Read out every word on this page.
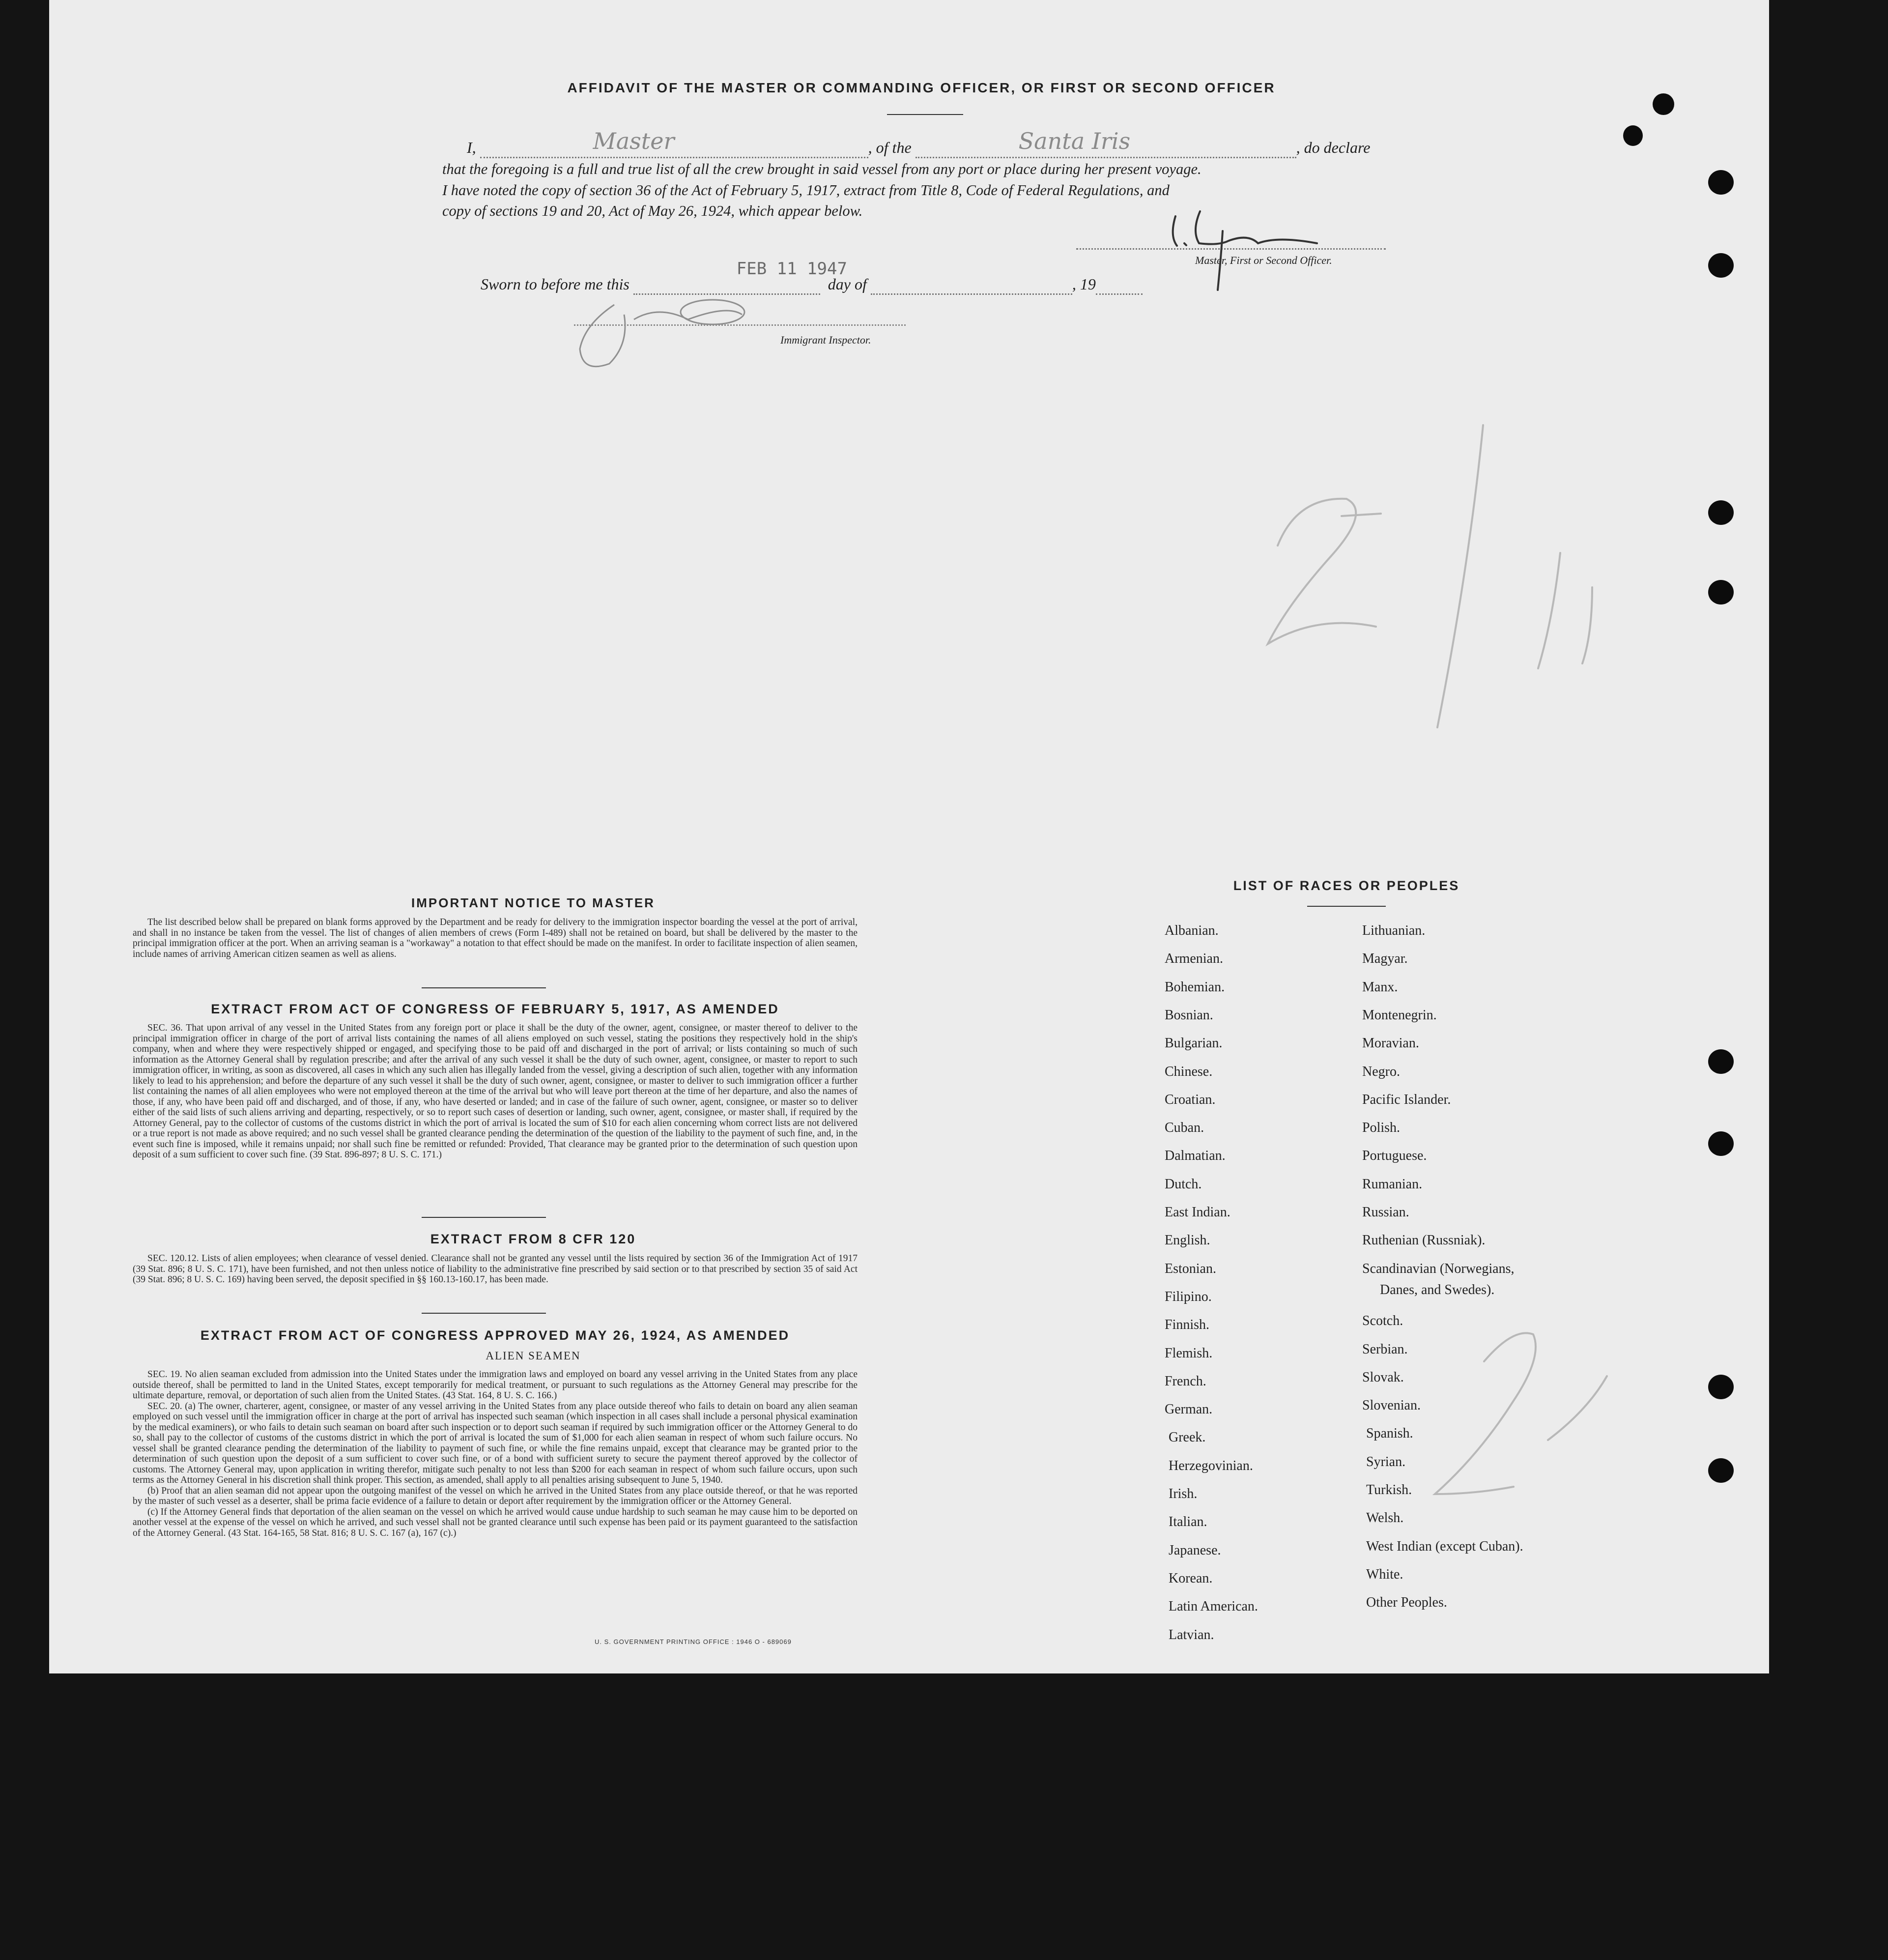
AFFIDAVIT OF THE MASTER OR COMMANDING OFFICER, OR FIRST OR SECOND OFFICER
I,	Master	, of the	Santa Iris	, do declare
that the foregoing is a full and true list of all the crew brought in said vessel from any port or place during her present voyage.
I have noted the copy of section 36 of the Act of February 5, 1917, extract from Title 8, Code of Federal Regulations, and
copy of sections 19 and 20, Act of May 26, 1924, which appear below.
Master, First or Second Officer.
Sworn to before me this
FEB 11 1947
day of	, 19
Immigrant Inspector.
IMPORTANT NOTICE TO MASTER

The list described below shall be prepared on blank forms approved by the Department and be ready for delivery to the immigration inspector boarding the vessel at the port of arrival, and shall in no instance be taken from the vessel. The list of changes of alien members of crews (Form I-489) shall not be retained on board, but shall be delivered by the master to the principal immigration officer at the port. When an arriving seaman is a "workaway" a notation to that effect should be made on the manifest. In order to facilitate inspection of alien seamen, include names of arriving American citizen seamen as well as aliens.

EXTRACT FROM ACT OF CONGRESS OF FEBRUARY 5, 1917, AS AMENDED

SEC. 36. That upon arrival of any vessel in the United States from any foreign port or place it shall be the duty of the owner, agent, consignee, or master thereof to deliver to the principal immigration officer in charge of the port of arrival lists containing the names of all aliens employed on such vessel, stating the positions they respectively hold in the ship's company, when and where they were respectively shipped or engaged, and specifying those to be paid off and discharged in the port of arrival; or lists containing so much of such information as the Attorney General shall by regulation prescribe; and after the arrival of any such vessel it shall be the duty of such owner, agent, consignee, or master to report to such immigration officer, in writing, as soon as discovered, all cases in which any such alien has illegally landed from the vessel, giving a description of such alien, together with any information likely to lead to his apprehension; and before the departure of any such vessel it shall be the duty of such owner, agent, consignee, or master to deliver to such immigration officer a further list containing the names of all alien employees who were not employed thereon at the time of the arrival but who will leave port thereon at the time of her departure, and also the names of those, if any, who have been paid off and discharged, and of those, if any, who have deserted or landed; and in case of the failure of such owner, agent, consignee, or master so to deliver either of the said lists of such aliens arriving and departing, respectively, or so to report such cases of desertion or landing, such owner, agent, consignee, or master shall, if required by the Attorney General, pay to the collector of customs of the customs district in which the port of arrival is located the sum of $10 for each alien concerning whom correct lists are not delivered or a true report is not made as above required; and no such vessel shall be granted clearance pending the determination of the question of the liability to the payment of such fine, and, in the event such fine is imposed, while it remains unpaid; nor shall such fine be remitted or refunded: Provided, That clearance may be granted prior to the determination of such question upon deposit of a sum sufficient to cover such fine. (39 Stat. 896-897; 8 U. S. C. 171.)

EXTRACT FROM 8 CFR 120

SEC. 120.12. Lists of alien employees; when clearance of vessel denied. Clearance shall not be granted any vessel until the lists required by section 36 of the Immigration Act of 1917 (39 Stat. 896; 8 U. S. C. 171), have been furnished, and not then unless notice of liability to the administrative fine prescribed by said section or to that prescribed by section 35 of said Act (39 Stat. 896; 8 U. S. C. 169) having been served, the deposit specified in §§ 160.13-160.17, has been made.

EXTRACT FROM ACT OF CONGRESS APPROVED MAY 26, 1924, AS AMENDED
ALIEN SEAMEN

SEC. 19. No alien seaman excluded from admission into the United States under the immigration laws and employed on board any vessel arriving in the United States from any place outside thereof, shall be permitted to land in the United States, except temporarily for medical treatment, or pursuant to such regulations as the Attorney General may prescribe for the ultimate departure, removal, or deportation of such alien from the United States. (43 Stat. 164, 8 U. S. C. 166.)

SEC. 20. (a) The owner, charterer, agent, consignee, or master of any vessel arriving in the United States from any place outside thereof who fails to detain on board any alien seaman employed on such vessel until the immigration officer in charge at the port of arrival has inspected such seaman (which inspection in all cases shall include a personal physical examination by the medical examiners), or who fails to detain such seaman on board after such inspection or to deport such seaman if required by such immigration officer or the Attorney General to do so, shall pay to the collector of customs of the customs district in which the port of arrival is located the sum of $1,000 for each alien seaman in respect of whom such failure occurs. No vessel shall be granted clearance pending the determination of the liability to payment of such fine, or while the fine remains unpaid, except that clearance may be granted prior to the determination of such question upon the deposit of a sum sufficient to cover such fine, or of a bond with sufficient surety to secure the payment thereof approved by the collector of customs. The Attorney General may, upon application in writing therefor, mitigate such penalty to not less than $200 for each seaman in respect of whom such failure occurs, upon such terms as the Attorney General in his discretion shall think proper. This section, as amended, shall apply to all penalties arising subsequent to June 5, 1940.

(b) Proof that an alien seaman did not appear upon the outgoing manifest of the vessel on which he arrived in the United States from any place outside thereof, or that he was reported by the master of such vessel as a deserter, shall be prima facie evidence of a failure to detain or deport after requirement by the immigration officer or the Attorney General.

(c) If the Attorney General finds that deportation of the alien seaman on the vessel on which he arrived would cause undue hardship to such seaman he may cause him to be deported on another vessel at the expense of the vessel on which he arrived, and such vessel shall not be granted clearance until such expense has been paid or its payment guaranteed to the satisfaction of the Attorney General. (43 Stat. 164-165, 58 Stat. 816; 8 U. S. C. 167 (a), 167 (c).)

U. S. GOVERNMENT PRINTING OFFICE : 1946 O - 689069
LIST OF RACES OR PEOPLES
Albanian.
Armenian.
Bohemian.
Bosnian.
Bulgarian.
Chinese.
Croatian.
Cuban.
Dalmatian.
Dutch.
East Indian.
English.
Estonian.
Filipino.
Finnish.
Flemish.
French.
German.
Greek.
Herzegovinian.
Irish.
Italian.
Japanese.
Korean.
Latin American.
Latvian.
Lithuanian.
Magyar.
Manx.
Montenegrin.
Moravian.
Negro.
Pacific Islander.
Polish.
Portuguese.
Rumanian.
Russian.
Ruthenian (Russniak).
Scandinavian (Norwegians,
Danes, and Swedes).
Scotch.
Serbian.
Slovak.
Slovenian.
Spanish.
Syrian.
Turkish.
Welsh.
West Indian (except Cuban).
White.
Other Peoples.
